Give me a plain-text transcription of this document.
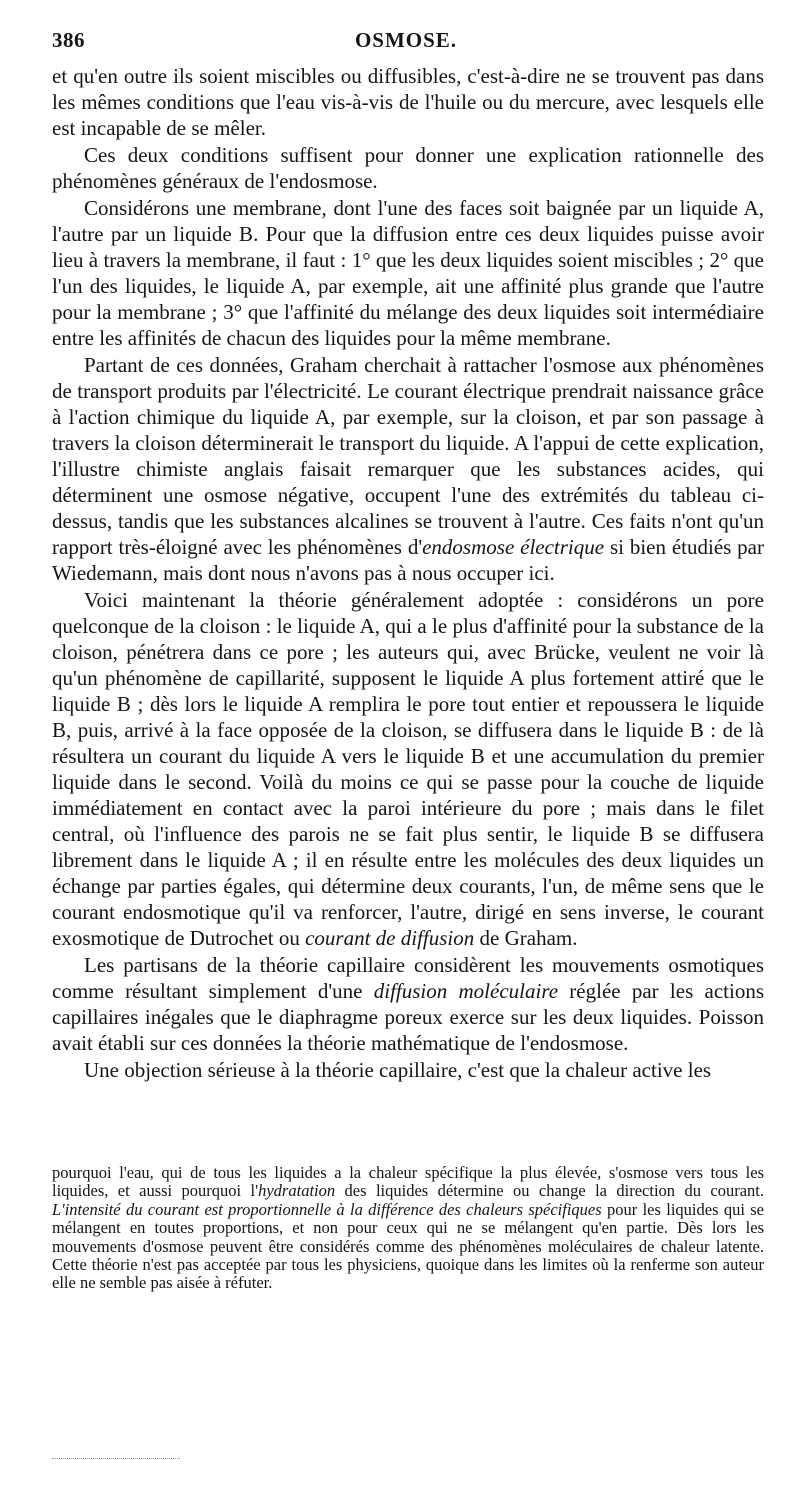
386	OSMOSE.

et qu'en outre ils soient miscibles ou diffusibles, c'est-à-dire ne se trouvent pas dans les mêmes conditions que l'eau vis-à-vis de l'huile ou du mercure, avec lesquels elle est incapable de se mêler.

Ces deux conditions suffisent pour donner une explication rationnelle des phénomènes généraux de l'endosmose.

Considérons une membrane, dont l'une des faces soit baignée par un liquide A, l'autre par un liquide B. Pour que la diffusion entre ces deux liquides puisse avoir lieu à travers la membrane, il faut : 1° que les deux liquides soient miscibles ; 2° que l'un des liquides, le liquide A, par exemple, ait une affinité plus grande que l'autre pour la membrane ; 3° que l'affinité du mélange des deux liquides soit intermédiaire entre les affinités de chacun des liquides pour la même membrane.

Partant de ces données, Graham cherchait à rattacher l'osmose aux phénomènes de transport produits par l'électricité. Le courant électrique prendrait naissance grâce à l'action chimique du liquide A, par exemple, sur la cloison, et par son passage à travers la cloison déterminerait le transport du liquide. A l'appui de cette explication, l'illustre chimiste anglais faisait remarquer que les substances acides, qui déterminent une osmose négative, occupent l'une des extrémités du tableau ci-dessus, tandis que les substances alcalines se trouvent à l'autre. Ces faits n'ont qu'un rapport très-éloigné avec les phénomènes d'endosmose électrique si bien étudiés par Wiedemann, mais dont nous n'avons pas à nous occuper ici.

Voici maintenant la théorie généralement adoptée : considérons un pore quelconque de la cloison : le liquide A, qui a le plus d'affinité pour la substance de la cloison, pénétrera dans ce pore ; les auteurs qui, avec Brücke, veulent ne voir là qu'un phénomène de capillarité, supposent le liquide A plus fortement attiré que le liquide B ; dès lors le liquide A remplira le pore tout entier et repoussera le liquide B, puis, arrivé à la face opposée de la cloison, se diffusera dans le liquide B : de là résultera un courant du liquide A vers le liquide B et une accumulation du premier liquide dans le second. Voilà du moins ce qui se passe pour la couche de liquide immédiatement en contact avec la paroi intérieure du pore ; mais dans le filet central, où l'influence des parois ne se fait plus sentir, le liquide B se diffusera librement dans le liquide A ; il en résulte entre les molécules des deux liquides un échange par parties égales, qui détermine deux courants, l'un, de même sens que le courant endosmotique qu'il va renforcer, l'autre, dirigé en sens inverse, le courant exosmotique de Dutrochet ou courant de diffusion de Graham.

Les partisans de la théorie capillaire considèrent les mouvements osmotiques comme résultant simplement d'une diffusion moléculaire réglée par les actions capillaires inégales que le diaphragme poreux exerce sur les deux liquides. Poisson avait établi sur ces données la théorie mathématique de l'endosmose.

Une objection sérieuse à la théorie capillaire, c'est que la chaleur active les

pourquoi l'eau, qui de tous les liquides a la chaleur spécifique la plus élevée, s'osmose vers tous les liquides, et aussi pourquoi l'hydratation des liquides détermine ou change la direction du courant. L'intensité du courant est proportionnelle à la différence des chaleurs spécifiques pour les liquides qui se mélangent en toutes proportions, et non pour ceux qui ne se mélangent qu'en partie. Dès lors les mouvements d'osmose peuvent être considérés comme des phénomènes moléculaires de chaleur latente. Cette théorie n'est pas acceptée par tous les physiciens, quoique dans les limites où la renferme son auteur elle ne semble pas aisée à réfuter.
